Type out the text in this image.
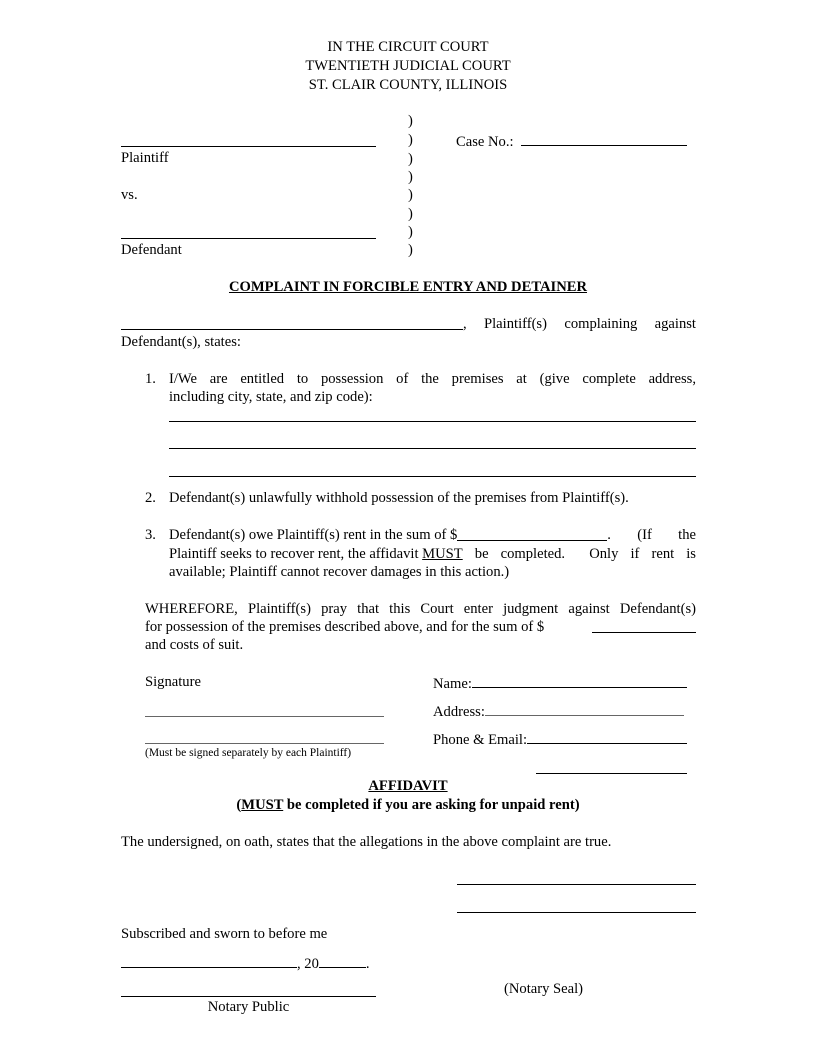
IN THE CIRCUIT COURT
TWENTIETH JUDICIAL COURT
ST. CLAIR COUNTY, ILLINOIS
)
)
)
)
)
)
)
)
Plaintiff
vs.
Defendant
Case No.:
COMPLAINT IN FORCIBLE ENTRY AND DETAINER
, Plaintiff(s) complaining against
Defendant(s), states:
1. I/We are entitled to possession of the premises at (give complete address,
including city, state, and zip code):
2. Defendant(s) unlawfully withhold possession of the premises from Plaintiff(s).
3. Defendant(s) owe Plaintiff(s) rent in the sum of $	. (If the
Plaintiff seeks to recover rent, the affidavit MUST be completed.  Only if rent is
available; Plaintiff cannot recover damages in this action.)
WHEREFORE, Plaintiff(s) pray that this Court enter judgment against Defendant(s)
for possession of the premises described above, and for the sum of $
and costs of suit.
Signature
(Must be signed separately by each Plaintiff)
Name:
Address:
Phone & Email:
AFFIDAVIT
(MUST be completed if you are asking for unpaid rent)
The undersigned, on oath, states that the allegations in the above complaint are true.
Subscribed and sworn to before me
, 20	.
Notary Public
(Notary Seal)
